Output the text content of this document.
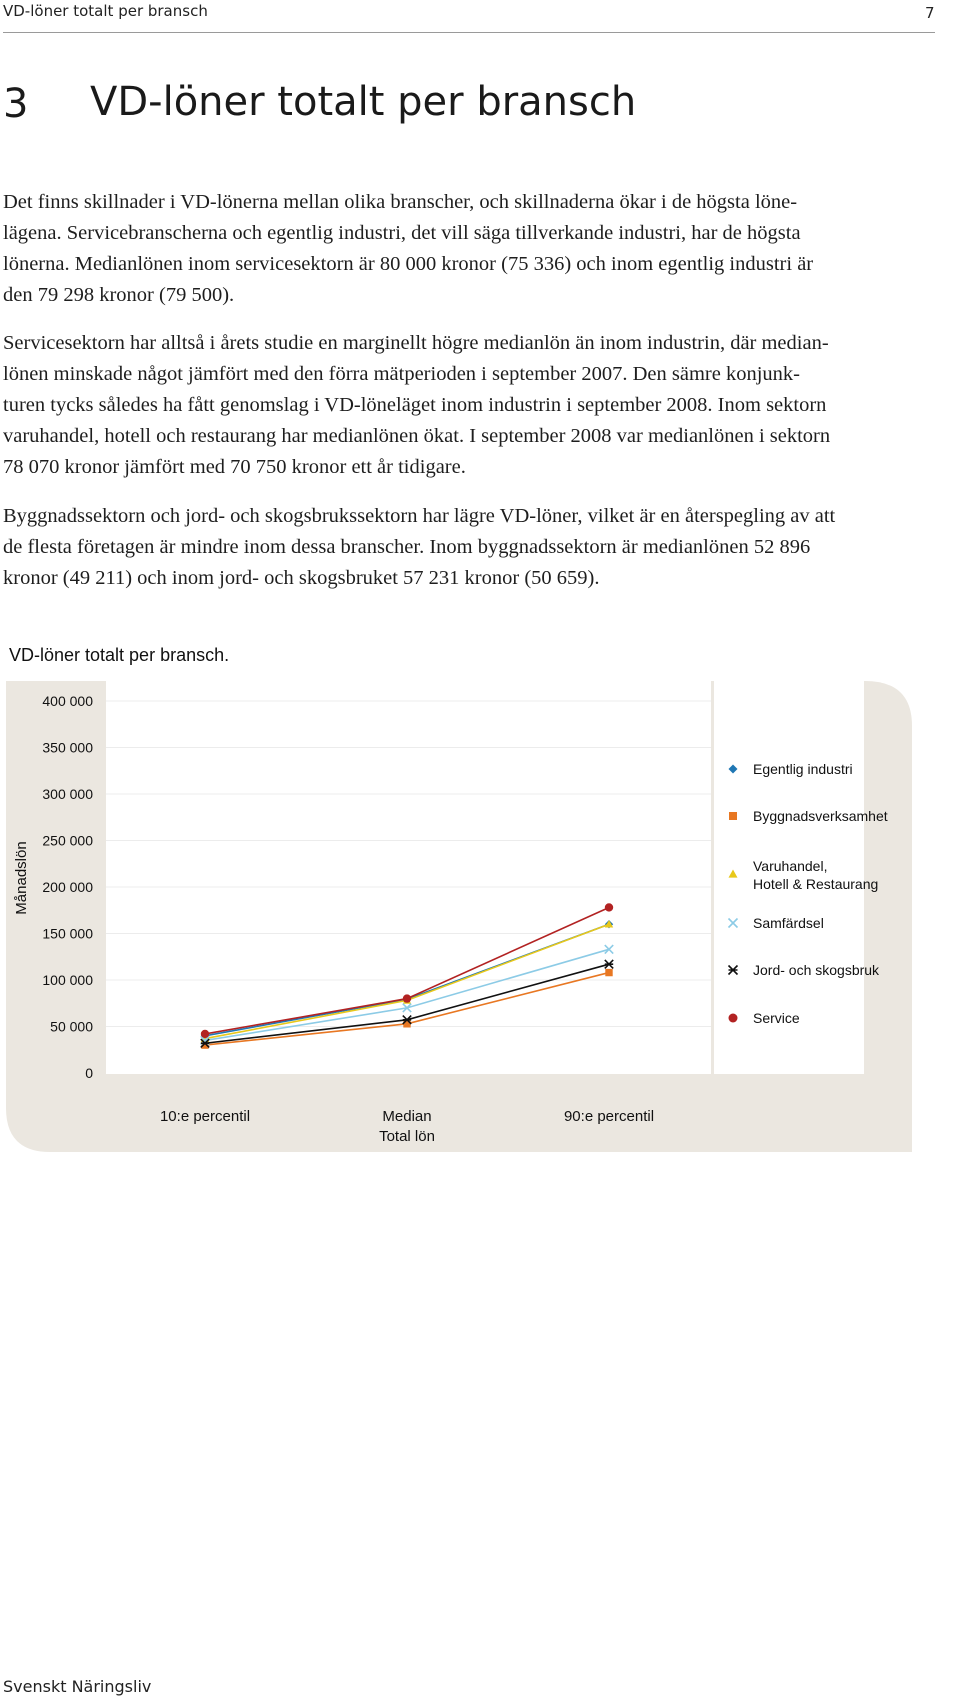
VD-löner totalt per bransch	7
3 VD-löner totalt per bransch

Det finns skillnader i VD-lönerna mellan olika branscher, och skillnaderna ökar i de högsta löne-
lägena. Servicebranscherna och egentlig industri, det vill säga tillverkande industri, har de högsta
lönerna. Medianlönen inom servicesektorn är 80 000 kronor (75 336) och inom egentlig industri är
den 79 298 kronor (79 500).

Servicesektorn har alltså i årets studie en marginellt högre medianlön än inom industrin, där median-
lönen minskade något jämfört med den förra mätperioden i september 2007. Den sämre konjunk-
turen tycks således ha fått genomslag i VD-löneläget inom industrin i september 2008. Inom sektorn
varuhandel, hotell och restaurang har medianlönen ökat. I september 2008 var medianlönen i sektorn
78 070 kronor jämfört med 70 750 kronor ett år tidigare.

Byggnadssektorn och jord- och skogsbrukssektorn har lägre VD-löner, vilket är en återspegling av att
de flesta företagen är mindre inom dessa branscher. Inom byggnadssektorn är medianlönen 52 896
kronor (49 211) och inom jord- och skogsbruket 57 231 kronor (50 659).

VD-löner totalt per bransch.
400 000
350 000
300 000
250 000
200 000
150 000
100 000
50 000
0
Månadslön
10:e percentil	Median	90:e percentil
Total lön
Egentlig industri
Byggnadsverksamhet
Varuhandel, Hotell & Restaurang
Samfärdsel
Jord- och skogsbruk
Service
Svenskt Näringsliv
